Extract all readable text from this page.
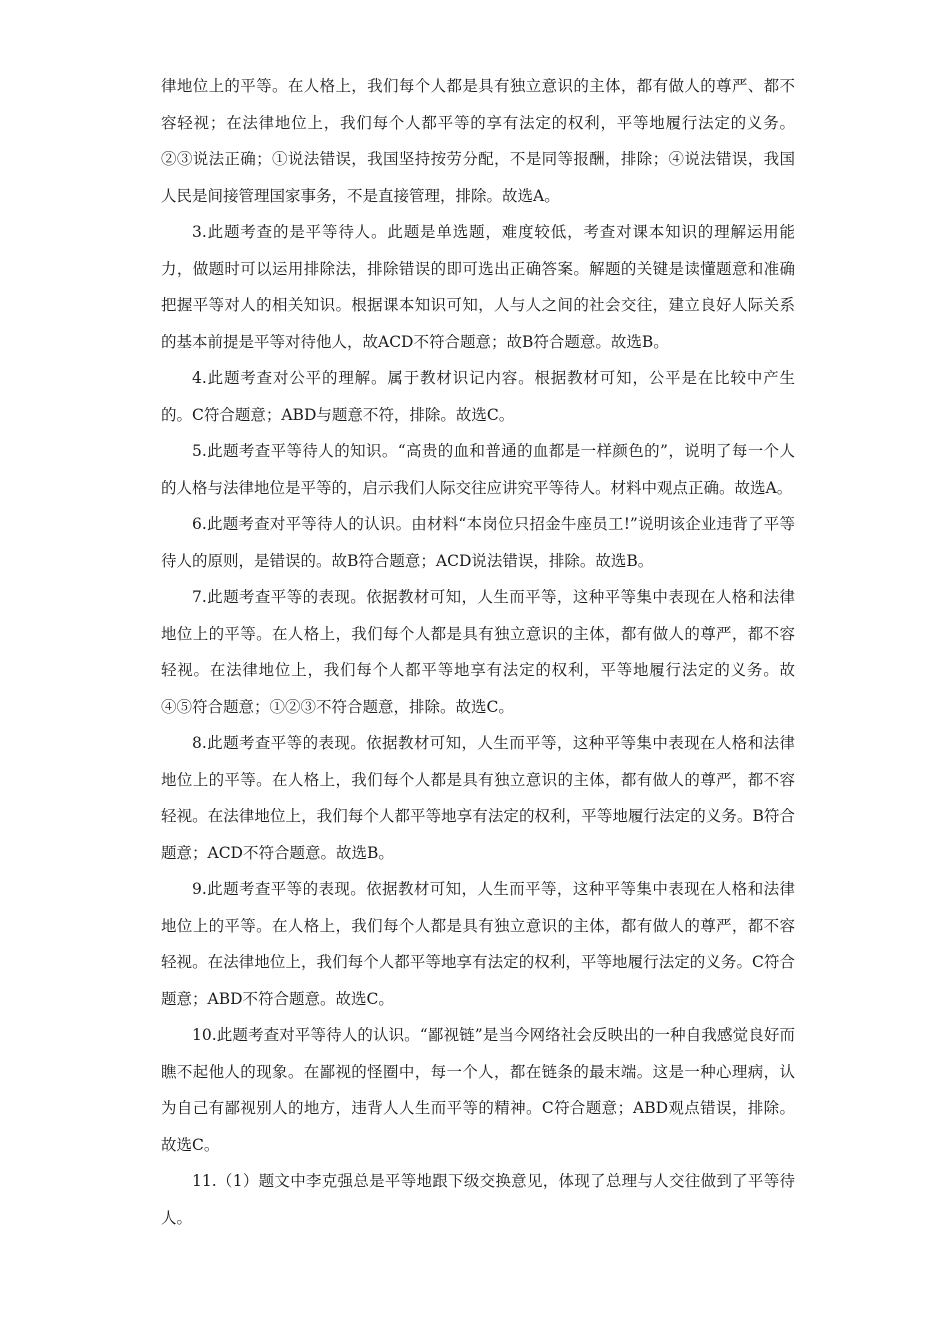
律地位上的平等。在人格上，我们每个人都是具有独立意识的主体，都有做人的尊严、都不容轻视；在法律地位上，我们每个人都平等的享有法定的权利，平等地履行法定的义务。②③说法正确；①说法错误，我国坚持按劳分配，不是同等报酬，排除；④说法错误，我国人民是间接管理国家事务，不是直接管理，排除。故选A。

3.此题考查的是平等待人。此题是单选题，难度较低，考查对课本知识的理解运用能力，做题时可以运用排除法，排除错误的即可选出正确答案。解题的关键是读懂题意和准确把握平等对人的相关知识。根据课本知识可知，人与人之间的社会交往，建立良好人际关系的基本前提是平等对待他人，故ACD不符合题意；故B符合题意。故选B。

4.此题考查对公平的理解。属于教材识记内容。根据教材可知，公平是在比较中产生的。C符合题意；ABD与题意不符，排除。故选C。

5.此题考查平等待人的知识。“高贵的血和普通的血都是一样颜色的”，说明了每一个人的人格与法律地位是平等的，启示我们人际交往应讲究平等待人。材料中观点正确。故选A。

6.此题考查对平等待人的认识。由材料“本岗位只招金牛座员工!”说明该企业违背了平等待人的原则，是错误的。故B符合题意；ACD说法错误，排除。故选B。

7.此题考查平等的表现。依据教材可知，人生而平等，这种平等集中表现在人格和法律地位上的平等。在人格上，我们每个人都是具有独立意识的主体，都有做人的尊严，都不容轻视。在法律地位上，我们每个人都平等地享有法定的权利，平等地履行法定的义务。故④⑤符合题意；①②③不符合题意，排除。故选C。

8.此题考查平等的表现。依据教材可知，人生而平等，这种平等集中表现在人格和法律地位上的平等。在人格上，我们每个人都是具有独立意识的主体，都有做人的尊严，都不容轻视。在法律地位上，我们每个人都平等地享有法定的权利，平等地履行法定的义务。B符合题意；ACD不符合题意。故选B。

9.此题考查平等的表现。依据教材可知，人生而平等，这种平等集中表现在人格和法律地位上的平等。在人格上，我们每个人都是具有独立意识的主体，都有做人的尊严，都不容轻视。在法律地位上，我们每个人都平等地享有法定的权利，平等地履行法定的义务。C符合题意；ABD不符合题意。故选C。

10.此题考查对平等待人的认识。“鄙视链”是当今网络社会反映出的一种自我感觉良好而瞧不起他人的现象。在鄙视的怪圈中，每一个人，都在链条的最末端。这是一种心理病，认为自己有鄙视别人的地方，违背人人生而平等的精神。C符合题意；ABD观点错误，排除。故选C。

11.（1）题文中李克强总是平等地跟下级交换意见，体现了总理与人交往做到了平等待人。
